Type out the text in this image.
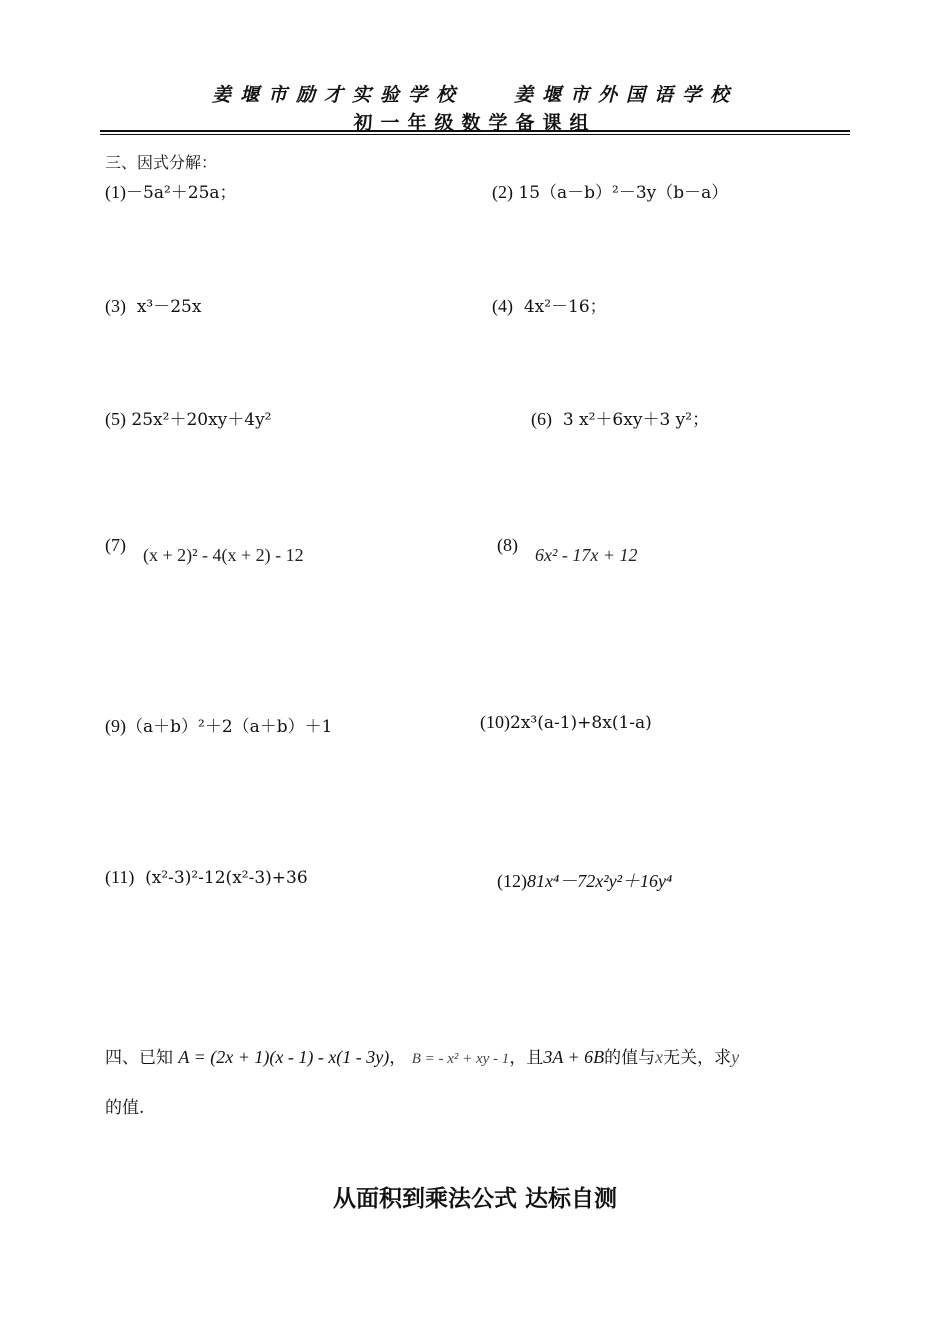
姜堰市励才实验学校	姜堰市外国语学校
初一年级数学备课组
三、因式分解：
(1)－5a²＋25a；	(2) 15（a－b）²－3y（b－a）
(3) x³－25x	(4) 4x²－16；
(5) 25x²＋20xy＋4y²	(6) 3 x²＋6xy＋3 y²；
(7) (x + 2)² - 4(x + 2) - 12	(8) 6x² - 17x + 12
(9)（a＋b）²＋2（a＋b）＋1	(10)2x³(a-1)+8x(1-a)
(11) (x²-3)²-12(x²-3)+36	(12)81x⁴－72x²y²＋16y⁴
四、已知 A = (2x + 1)(x - 1) - x(1 - 3y)， B = - x² + xy - 1，且3A + 6B的值与x无关，求y
的值.
从面积到乘法公式 达标自测
